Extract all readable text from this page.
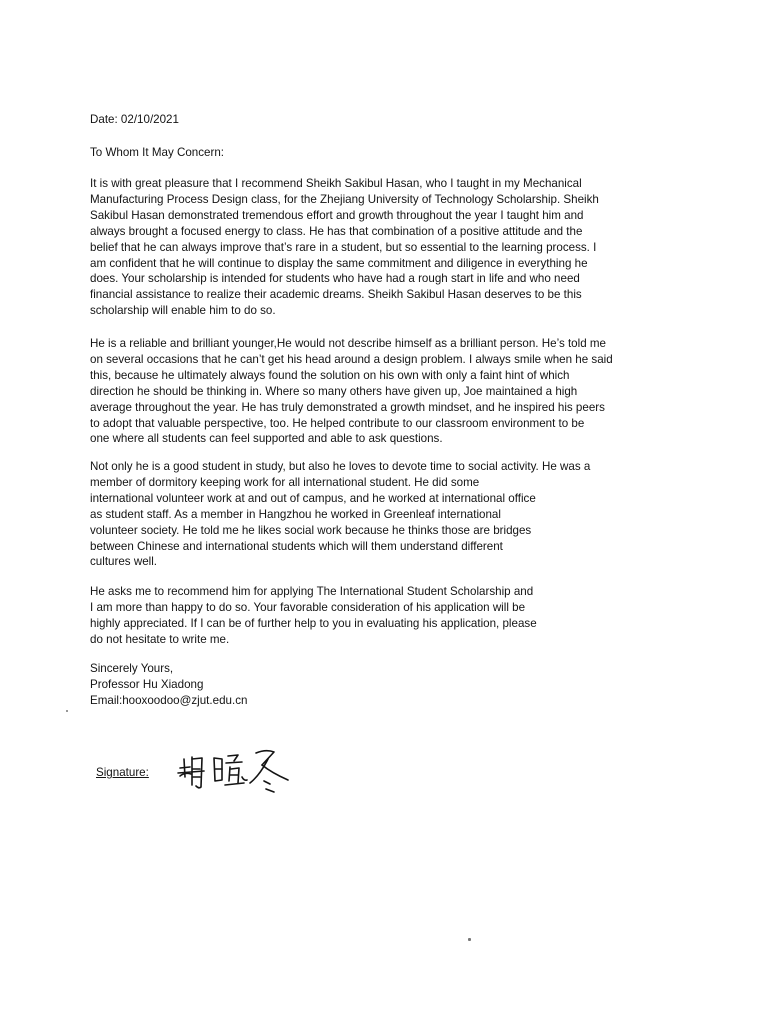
Date: 02/10/2021
To Whom It May Concern:
It is with great pleasure that I recommend Sheikh Sakibul Hasan, who I taught in my Mechanical
Manufacturing Process Design class, for the Zhejiang University of Technology Scholarship. Sheikh
Sakibul Hasan demonstrated tremendous effort and growth throughout the year I taught him and
always brought a focused energy to class. He has that combination of a positive attitude and the
belief that he can always improve that’s rare in a student, but so essential to the learning process. I
am confident that he will continue to display the same commitment and diligence in everything he
does. Your scholarship is intended for students who have had a rough start in life and who need
financial assistance to realize their academic dreams. Sheikh Sakibul Hasan deserves to be this
scholarship will enable him to do so.
He is a reliable and brilliant younger,He would not describe himself as a brilliant person. He’s told me
on several occasions that he can’t get his head around a design problem. I always smile when he said
this, because he ultimately always found the solution on his own with only a faint hint of which
direction he should be thinking in. Where so many others have given up, Joe maintained a high
average throughout the year. He has truly demonstrated a growth mindset, and he inspired his peers
to adopt that valuable perspective, too. He helped contribute to our classroom environment to be
one where all students can feel supported and able to ask questions.
Not only he is a good student in study, but also he loves to devote time to social activity. He was a
member of dormitory keeping work for all international student. He did some
international volunteer work at and out of campus, and he worked at international office
as student staff. As a member in Hangzhou he worked in Greenleaf international
volunteer society. He told me he likes social work because he thinks those are bridges
between Chinese and international students which will them understand different
cultures well.
He asks me to recommend him for applying The International Student Scholarship and
I am more than happy to do so. Your favorable consideration of his application will be
highly appreciated. If I can be of further help to you in evaluating his application, please
do not hesitate to write me.
Sincerely Yours,
Professor Hu Xiadong
Email:hooxoodoo@zjut.edu.cn
Signature:
